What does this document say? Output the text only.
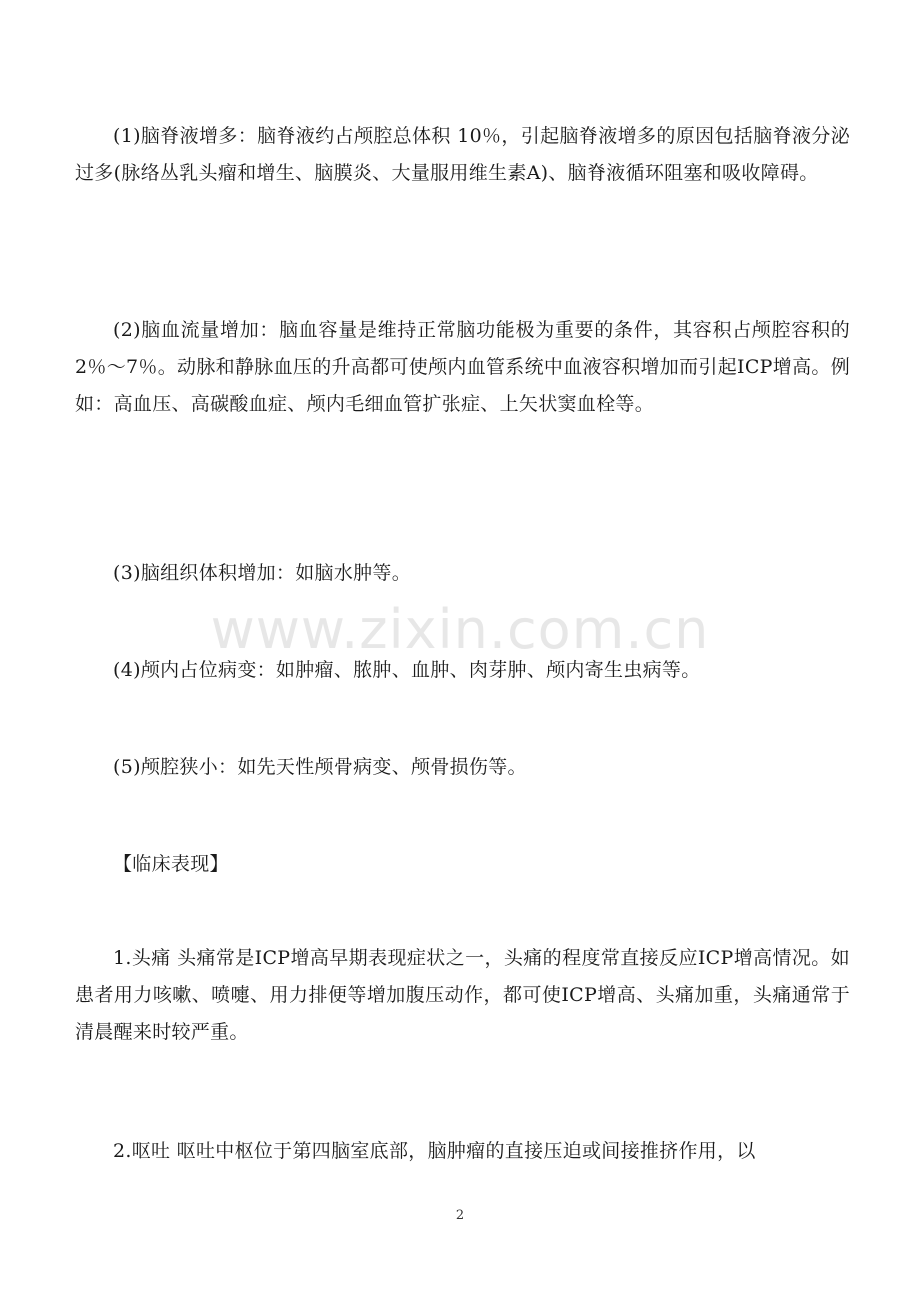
(1)脑脊液增多：脑脊液约占颅腔总体积 10％，引起脑脊液增多的原因包括脑脊液分泌过多(脉络丛乳头瘤和增生、脑膜炎、大量服用维生素A)、脑脊液循环阻塞和吸收障碍。

(2)脑血流量增加：脑血容量是维持正常脑功能极为重要的条件，其容积占颅腔容积的 2％～7％。动脉和静脉血压的升高都可使颅内血管系统中血液容积增加而引起ICP增高。例如：高血压、高碳酸血症、颅内毛细血管扩张症、上矢状窦血栓等。

(3)脑组织体积增加：如脑水肿等。

(4)颅内占位病变：如肿瘤、脓肿、血肿、肉芽肿、颅内寄生虫病等。

(5)颅腔狭小：如先天性颅骨病变、颅骨损伤等。

【临床表现】

1.头痛 头痛常是ICP增高早期表现症状之一，头痛的程度常直接反应ICP增高情况。如患者用力咳嗽、喷嚏、用力排便等增加腹压动作，都可使ICP增高、头痛加重，头痛通常于清晨醒来时较严重。

2.呕吐 呕吐中枢位于第四脑室底部，脑肿瘤的直接压迫或间接推挤作用，以

www.zixin.com.cn
2
